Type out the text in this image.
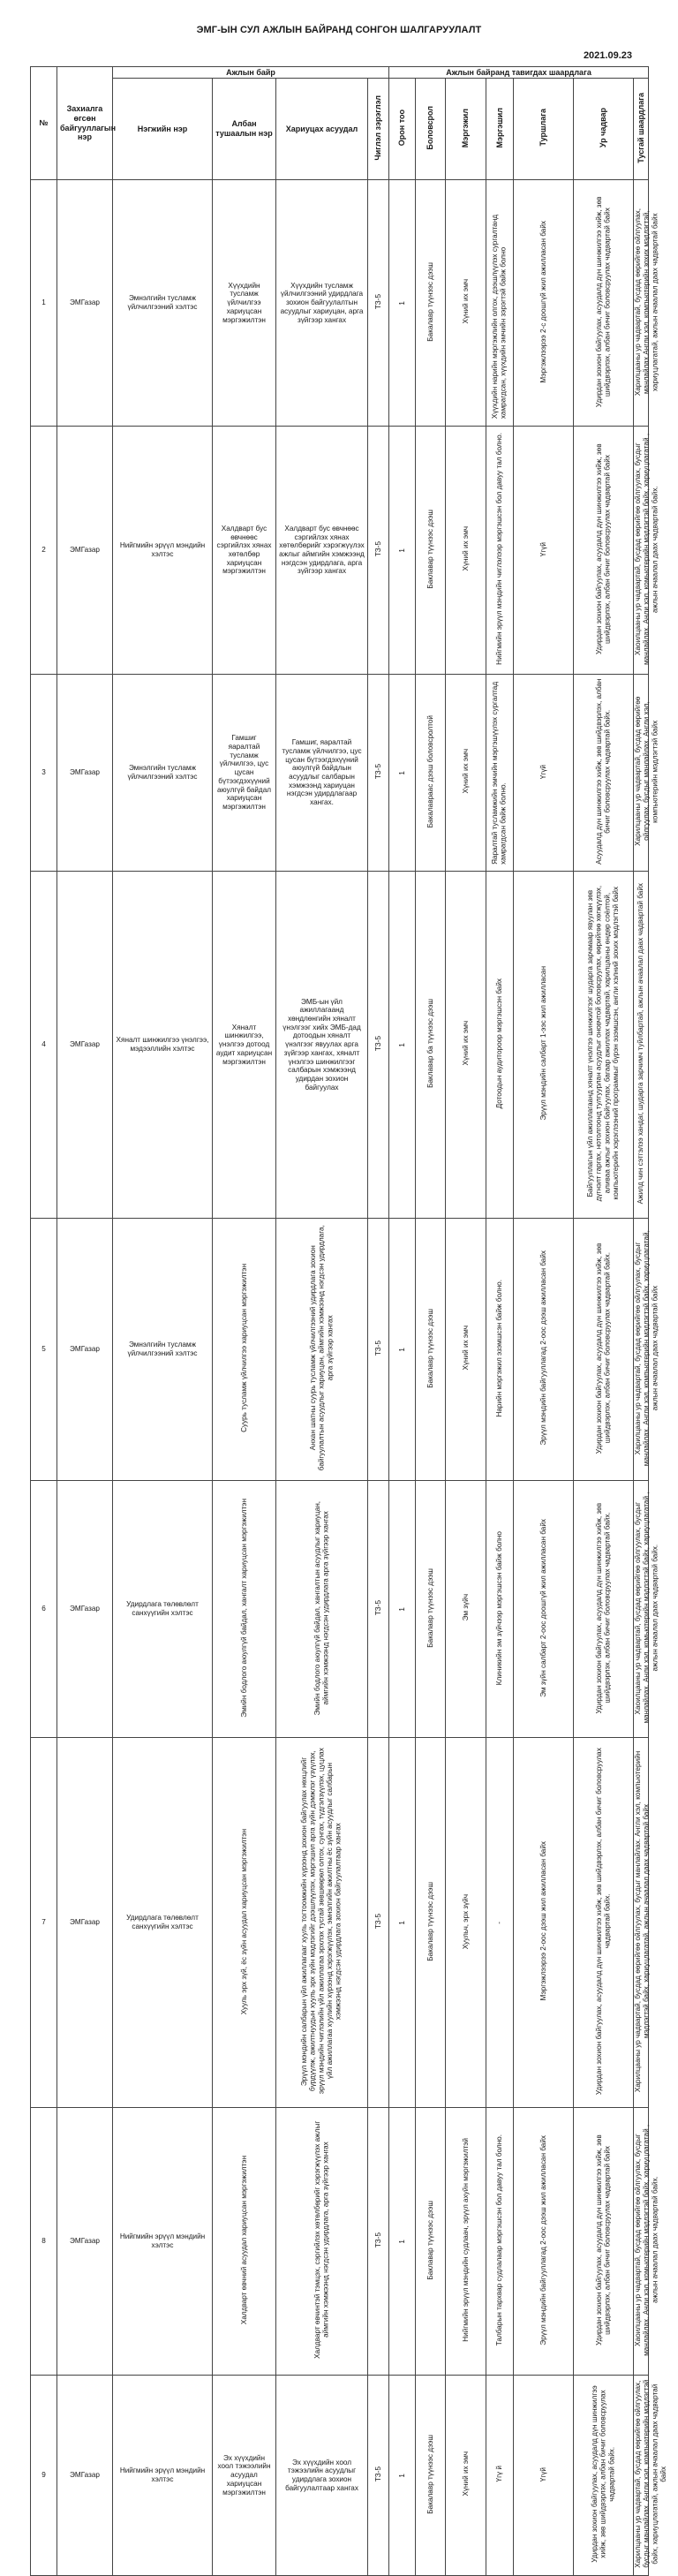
ЭМГ-ЫН СУЛ АЖЛЫН БАЙРАНД СОНГОН ШАЛГАРУУЛАЛТ
2021.09.23
№	Захиалга өгсөн байгууллагын нэр	Ажлын байр				Ажлын байранд тавигдах шаардлага						

		Нэгжийн нэр	Албан тушаалын нэр	Хариуцах асуудал	Чиглэл зэрэглэл	Орон тоо	Боловсрол	Мэргэжил	Мэргэшил	Туршлага	Ур чадвар	Тусгай шаардлага
1	ЭМГазар	Эмнэлгийн тусламж үйлчилгээний хэлтэс	Хүүхдийн тусламж үйлчилгээ хариуцсан мэргэжилтэн	Хүүхдийн тусламж үйлчилгээний удирдлага зохион байгуулалтын асуудлыг хариуцан, арга зүйгээр хангах	ТЗ-5	1	Бакалавр түүнээс дээш	Хүний их эмч	Хүүхдийн нарийн мэргэжлийн олгох, дээшлүүлэх сургалтанд хамрагдсан, хүүхдийн эмчийн зэрэгтэй байж болно	Мэргэжлээрээ 2-с доошгүй жил ажилласан байх	Удирдан зохион байгуулах, асуудалд дүн шинжилгээ хийж, зөв шийдвэрлэх, албан бичиг боловсруулах чадвартай байх	Харилцааны ур чадвартай, бусдад өөрийгөө ойлгуулах, манлайлах.Англи хэл, компьютерийн зохих мэдлэгтэй, хариуцлагатай, ажлын ачаалал даах чадвартай байх
2	ЭМГазар	Нийгмийн эрүүл мэндийн хэлтэс	Халдварт бус өвчнөөс сэргийлэх хянах хөтөлбөр хариуцсан мэргэжилтэн	Халдварт бус өвчнөөс сэргийлэх хянах хөтөлбөрийг хэрэгжүүлэх ажлыг аймгийн хэмжээнд нэгдсэн удирдлага, арга зүйгээр хангах	ТЗ-5	1	Баклавар түүнээс дээш	Хүний их эмч	Нийгмийн эрүүл мэндийн чиглэлээр мэргэшсэн бол давуу тал болно.	Үгүй	Удирдан зохион байгуулах, асуудалд дүн шинжилгээ хийж, зөв шийдвэрлэх, албан бичиг боловсруулах чадвартай байх	Хаоилцааны ур чадвартай, бусдад өөрийгөө ойлгуулах, бусдыг манлайлах. Анли хэл, комьютерийн мэдлэгтэй байх, хариуцлагатай , ажлын ачаалал даах чадвартай байх.
3	ЭМГазар	Эмнэлгийн тусламж үйлчилгээний хэлтэс	Гамшиг яаралтай тусламж үйлчилгээ, цус цусан бүтээгдэхүүний аюулгүй байдал хариуцсан мэргэжилтэн	Гамшиг, яаралтай тусламж үйлчилгээ, цус цусан бүтээгдэхүүний аюулгүй байдлын асуудлыг салбарын хэмжээнд хариуцан нэгдсэн удирдлагаар хангах.	ТЗ-5	1	Бакалавраас дээш боловсролтой	Хүний их эмч	Яаралтай тусламжийн эмчийн мэргэшүүлэх сургалтад хамрагдсан байж болно.	Үгүй	Асуудалд дүн шинжилгээ хийж, зөв шийдвэрлэх, албан бичиг боловсруулах чадвартай байх.	Харилцааны ур чадвартай, бусдад өөрийгөө ойлгуулах, бусдыг манлайлах. Англи хэл, компьютерийн мэдлэгтэй байх
4	ЭМГазар	Хяналт шинжилгээ үнэлгээ, мэдээллийн хэлтэс	Хяналт шинжилгээ, үнэлгээ дотоод аудит хариуцсан мэргэжилтэн	ЭМБ-ын үйл ажиллагаанд хөндлөнгийн хяналт үнэлгээг хийх ЭМБ-дад дотоодын хяналт үнэлгээг явуулах арга зүйгээр хангах, хяналт үнэлгээ шинжилгээг салбарын хэмжээнд удирдан зохион байгуулах	ТЗ-5	1	Баклавар ба түүнээс дээш	Хүний их эмч	Дотоодын аудитороор мэргэшсэн байх	Эрүүл мэндийн салбарт 1-ээс жил ажилласан	Байгууллагын үйл ажиллагаанд хяналт үнэлгээ шинжилгээг шударга зарчмаар явуулан зөв дүгнэлт гаргах, нотолгоонд тулгуурлан асуудлыг оновчтой боловсруулах, өөрийгөө хөгжүүлэх, аливаа ажлыг зохион байгуулах, багаар ажиллах чадвартай, харилцааны өндөр соёлтой, компьютерийн хэрэглээний программыг бүрэн эзэмшсэн, англи хэлний зохих мэдлэгтэй байх	Ажилд чин сэтгэлээ хандаг, шударга зарчимч туйлбартай, ажлын ачаалал даах чадвартай байх
5	ЭМГазар	Эмнэлгийн тусламж үйлчилгээний хэлтэс	Суурь тусламж үйлчилгээ хариуцсан мэргэжилтэн	Анхан шатны суурь тусламж үйлчилгээний удирдлага зохион байгуулалтын асуудлыг хариуцан, аймгийн хэмжээнд нэгдсэн удирдлага, арга зүйгээр хангах	ТЗ-5	1	Бакалавр түүнээс дээш	Хүний их эмч	Нарийн мэргэжил эзэмшсэн байж болно.	Эрүүл мэндийн байгууллагад 2-оос дээш ажилласан байх	Удирдан зохион байгуулах, асуудалд дүн шинжилгээ хийж, зөв шийдвэрлэх, албан бичиг боловсруулах чадвартай байх.	Харилцааны ур чадвартай, бусдад өөрийгөө ойлгуулах, бусдыг манлайлах. Англи хэл, компьютерийн мэдлэгтэй байх, хариуцлагатай, ажлын ачаалал даах чадвартай байх
6	ЭМГазар	Удирдлага төлөвлөлт санхүүгийн хэлтэс	Эмийн бодлого аюулгүй байдал, хангалт хариуцсан мэргэжилтэн	Эмийн бодлого аюулгүй байдал, хангалтын асуудлыг хариуцан, аймгийн хэмжээнд нэгдсэн удирдлага арга зүйгээр хангах	ТЗ-5	1	Бакалавр түүнээс дээш	Эм зүйч	Клиникийн эм зүйчээр мэргэшсэн байж болно	Эм зүйн салбарт 2-оос доошгүй жил ажилласан байх	Удирдан зохион байгуулах, асуудалд дүн шинжилгээ хийж, зөв шийдвэрлэх, албан бичиг боловсруулах чадвартай байх.	Хаоилцааны ур чадвартай, бусдад өөрийгөө ойлгуулах, бусдыг манлайлах. Анли хэл, комьютерийн мэдлэгтэй байх, хариуцлагатай , ажлын ачаалал даах чадвартай байх.
7	ЭМГазар	Удирдлага төлөвлөлт санхүүгийн хэлтэс	Хууль эрх зүй, ёс зүйн асуудал хариуцсан мэргэжилтэн	Эрүүл мэндийн салбарын үйл ажиллагааг хууль тогтоомжийн хүрээнд зохион байгуулах нөхцлийг бүрдүүлж, ажилтнуудын хууль эрх зүйн мэдлэгийг дээшлүүлэх, мэргэшил арга зүйн дэмжлэг үзүүлэх, эрүүл мэндийн чиглэлийн үйл ажиллагаа эрхлэх тусгай зөвшөөрөл олгох, сунгах, түдгэлзүүлэх, цуцлах үйл ажиллагаа хуулийн хүрээнд хэрэгжүүлэх, эмнэлгийн ажилтны ёс зүйн асуудлыг салбарын хэмжээнд нэгдсэн удирдлага зохион байгуулалтаар хангах	ТЗ-5	1	Бакалавр түүнээс дээш	Хуульч, эрх зүйч	-	Мэргэжлээрээ 2-оос дээш жил ажилласан байх	Удирдан зохион байгуулах, асуудалд дүн шинжилгээ хийж, зөв шийдвэрлэх, албан бичиг боловсруулах чадвартай байх.	Харилцааны ур чадвартай, бусдад өөрийгөө ойлгуулах, бусдыг манлайлах. Англи хэл, компьютерийн мэдлэгтэй байх, хариуцлагатай, ажлын ачаалал даах чадвартай байх
8	ЭМГазар	Нийгмийн эрүүл мэндийн хэлтэс	Халдварт өвчний асуудал хариуцсан мэргэжилтэн	Халдварт өвчинтэй тэмцэх, сэргийлэх хөтөлбөрийг хэрэгжүүлэх ажлыг аймгийн хэмжээнд нэгдсэн удирдлага, арга зүйгээр хангах	ТЗ-5	1	Баклавар түүнээс дээш	Нийгмийн эрүүл мэндийн судлаач, эрүүл ахуйн мэргэжилтэй	Талбарын тархвар судлалаар мэргэшсэн бол давуу тал болно.	Эрүүл мэндийн байгууллагад 2-оос дээш жил ажилласан байх	Удирдан зохион байгуулах, асуудалд дүн шинжилгээ хийж, зөв шийдвэрлэх, албан бичиг боловсруулах чадвартай байх	Хаоилцааны ур чадвартай, бусдад өөрийгөө ойлгуулах, бусдыг манлайлах. Анли хэл, комьютерийн мэдлэгтэй байх, хариуцлагатай , ажлын ачаалал даах чадвартай байх.
9	ЭМГазар	Нийгмийн эрүүл мэндийн хэлтэс	Эх хүүхдийн хоол тэжээлийн асуудал хариуцсан мэргэжилтэн	Эх хүүхдийн хоол тэжээлийн асуудлыг удирдлага зохион байгуулалтаар хангах	ТЗ-5	1	Бакалавр түүнээс дээш	Хүний их эмч	Үгү й	Үгүй	Удирдан зохион байгуулах, асуудалд дүн шинжилгээ хийж, зөв шийдвэрлэх, албан бичиг боловсруулах чадвартай байх.	Харилцааны ур чадвартай, бусдад өөрийгөө ойлгуулах, бусдыг манлайлах. Англи хэл, компьютерийн мэдлэгтэй байх, хариуцлагатай, ажлын ачаалал даах чадвартай байх
